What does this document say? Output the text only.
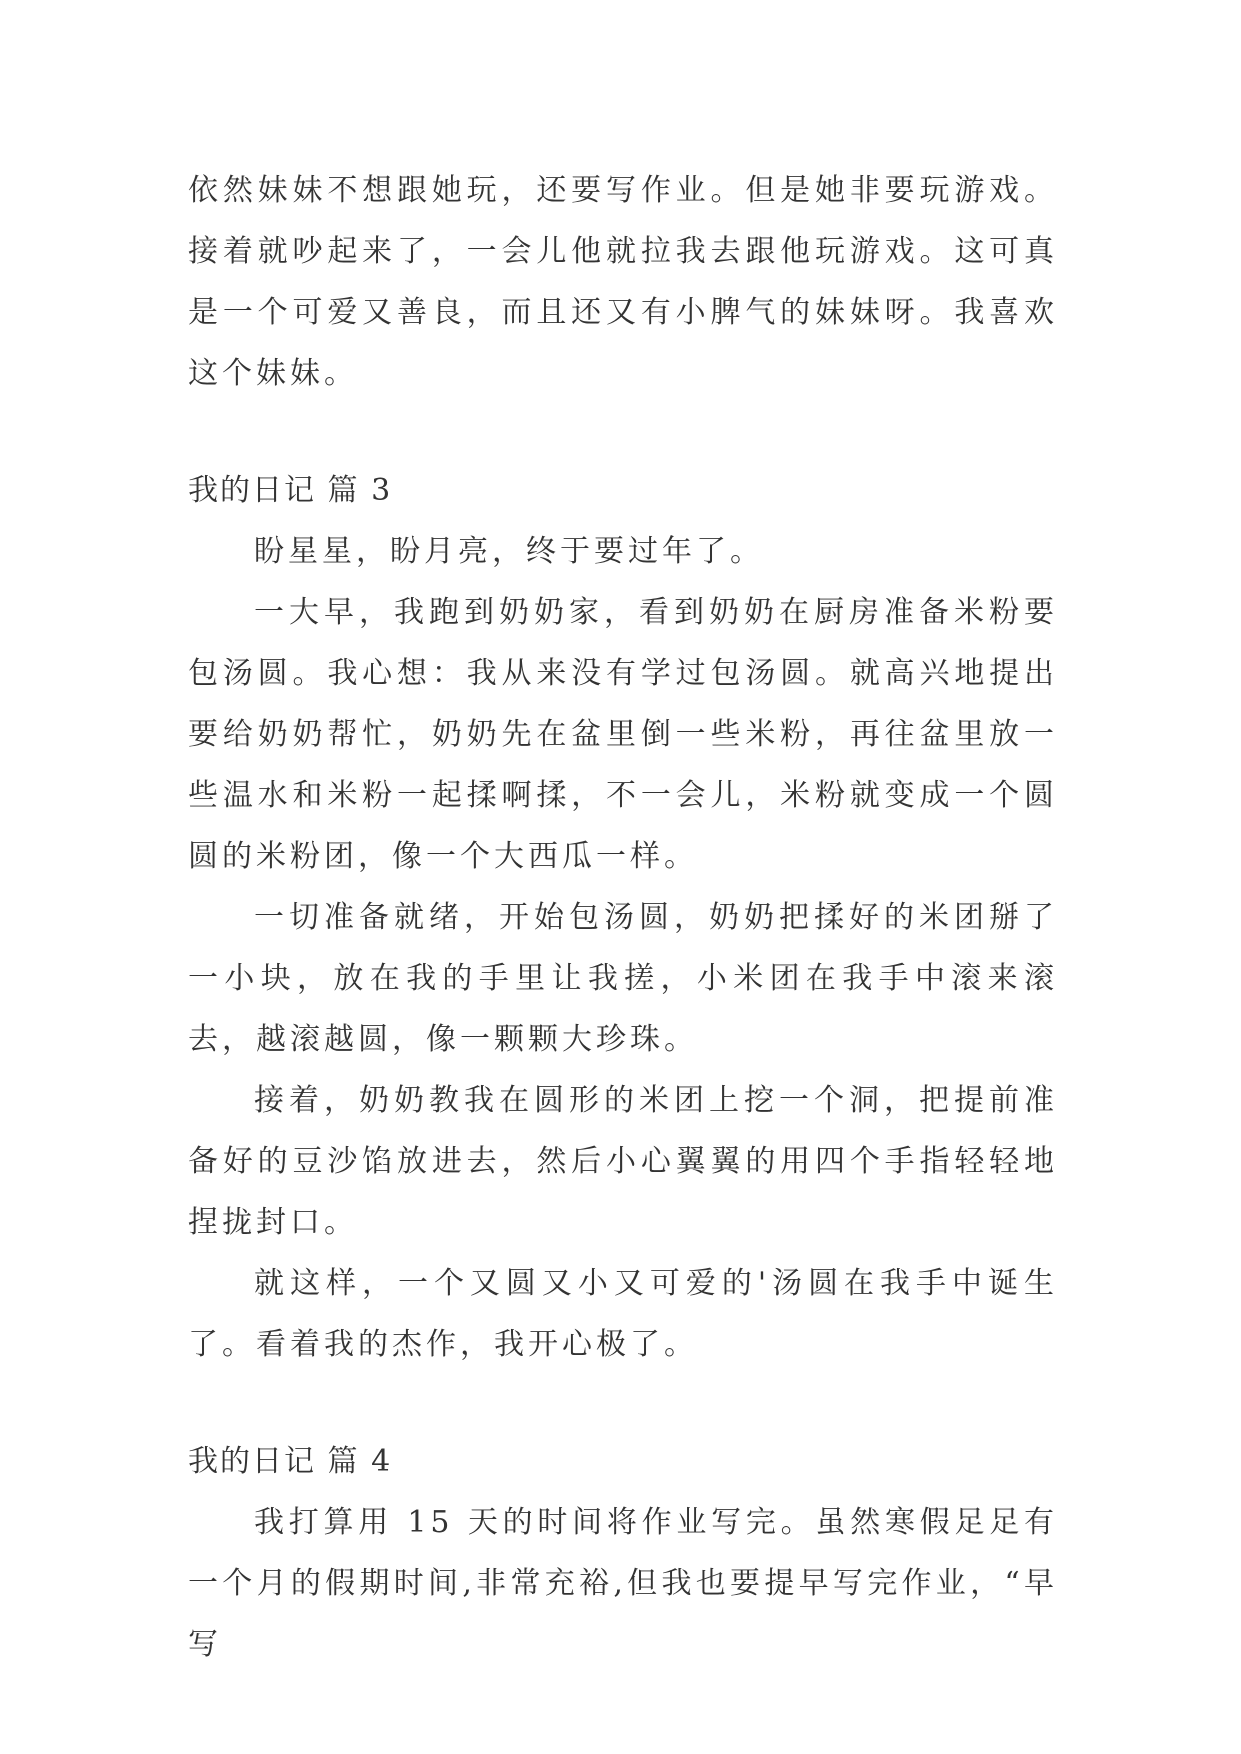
依然妹妹不想跟她玩，还要写作业。但是她非要玩游戏。接着就吵起来了，一会儿他就拉我去跟他玩游戏。这可真是一个可爱又善良，而且还又有小脾气的妹妹呀。我喜欢这个妹妹。

我的日记 篇 3

盼星星，盼月亮，终于要过年了。

一大早，我跑到奶奶家，看到奶奶在厨房准备米粉要包汤圆。我心想：我从来没有学过包汤圆。就高兴地提出要给奶奶帮忙，奶奶先在盆里倒一些米粉，再往盆里放一些温水和米粉一起揉啊揉，不一会儿，米粉就变成一个圆圆的米粉团，像一个大西瓜一样。

一切准备就绪，开始包汤圆，奶奶把揉好的米团掰了一小块，放在我的手里让我搓，小米团在我手中滚来滚去，越滚越圆，像一颗颗大珍珠。

接着，奶奶教我在圆形的米团上挖一个洞，把提前准备好的豆沙馅放进去，然后小心翼翼的用四个手指轻轻地捏拢封口。

就这样，一个又圆又小又可爱的'汤圆在我手中诞生了。看着我的杰作，我开心极了。

我的日记 篇 4

我打算用 15 天的时间将作业写完。虽然寒假足足有一个月的假期时间,非常充裕,但我也要提早写完作业，“早写
